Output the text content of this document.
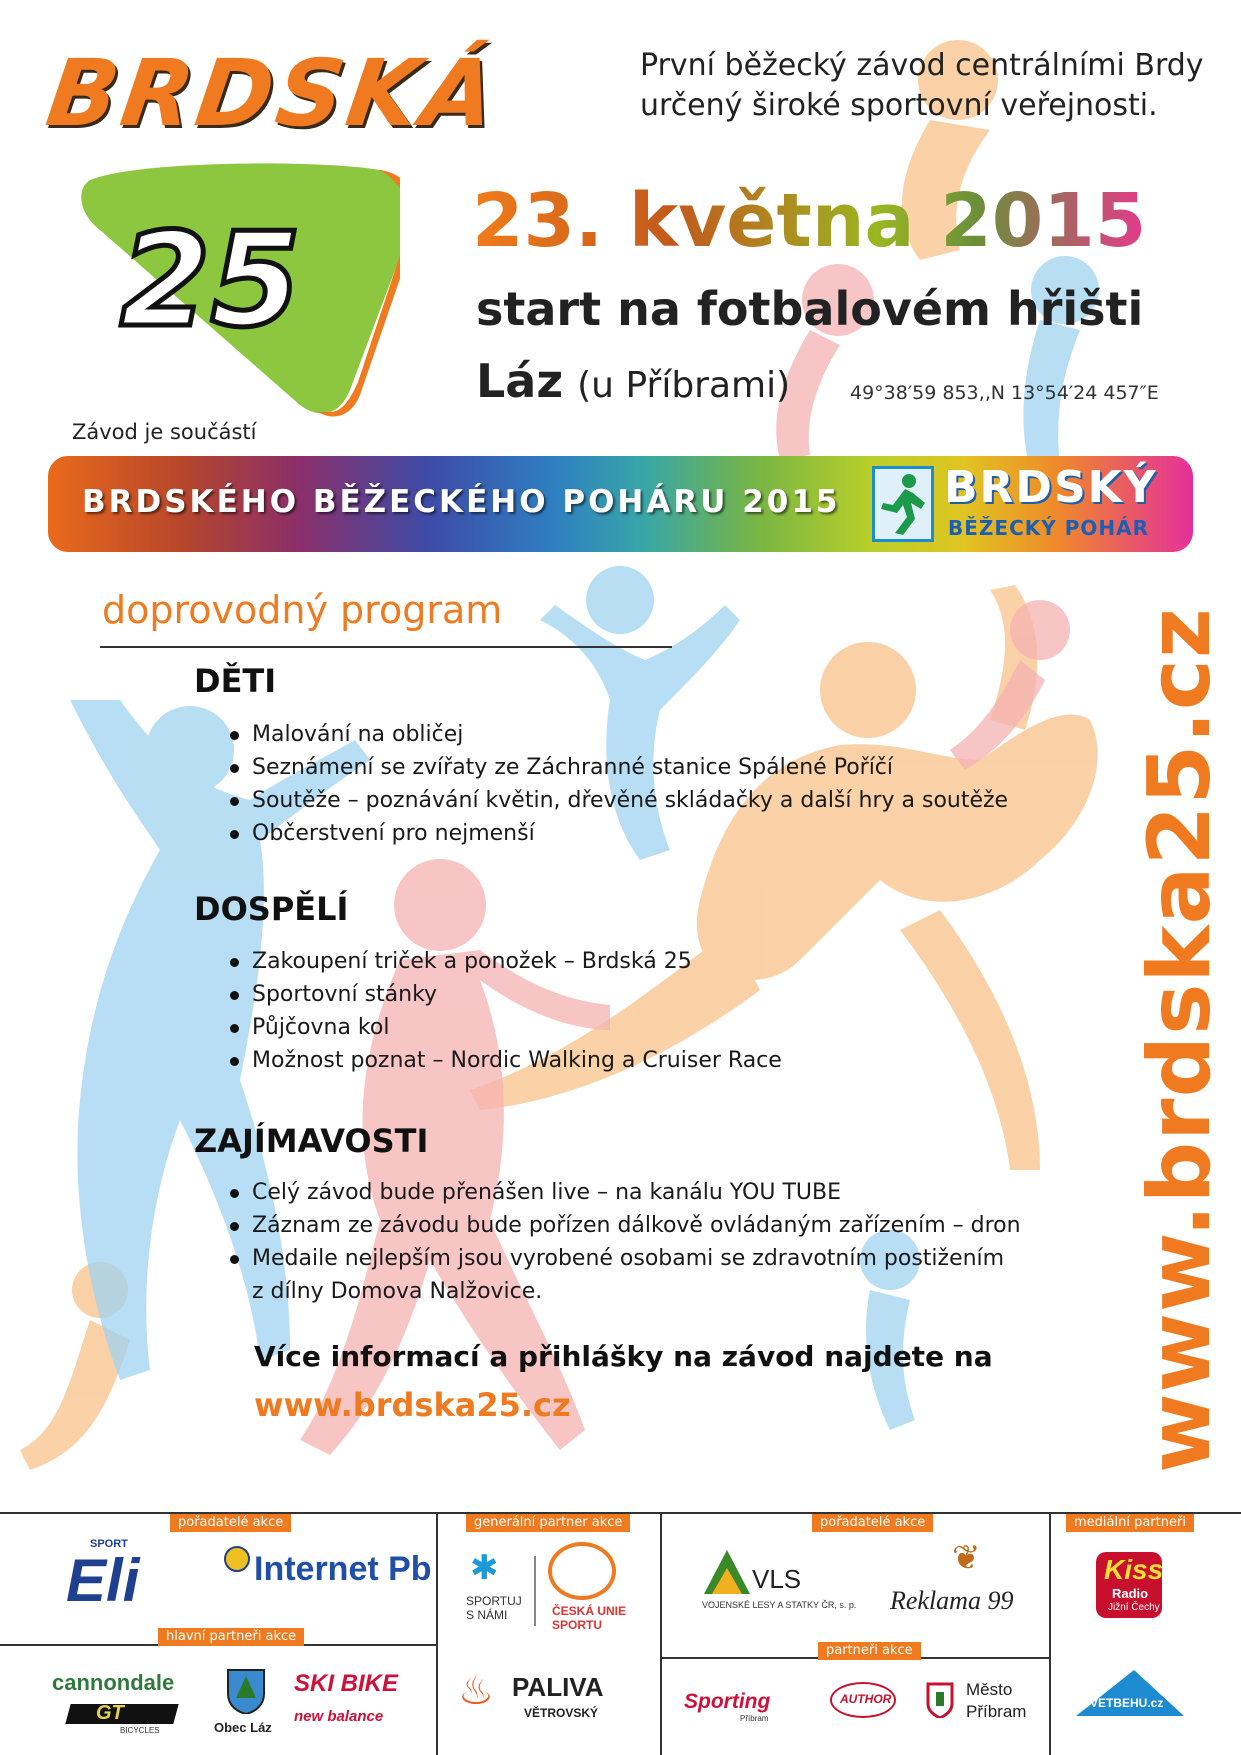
BRDSKÁ
25
První běžecký závod centrálními Brdy určený široké sportovní veřejnosti.
23. května 2015
start na fotbalovém hřišti
Láz (u Příbrami)	49°38′59 853‚‚N 13°54′24 457″E
Závod je součástí
BRDSKÉHO BĚŽECKÉHO POHÁRU 2015 BRDSKÝ
BĚŽECKÝ POHÁR
doprovodný program
DĚTI
Malování na obličej
Seznámení se zvířaty ze Záchranné stanice Spálené Poříčí
Soutěže – poznávání květin, dřevěné skládačky a další hry a soutěže
Občerstvení pro nejmenší
DOSPĚLÍ
Zakoupení triček a ponožek – Brdská 25
Sportovní stánky
Půjčovna kol
Možnost poznat – Nordic Walking a Cruiser Race
ZAJÍMAVOSTI
Celý závod bude přenášen live – na kanálu YOU TUBE
Záznam ze závodu bude pořízen dálkově ovládaným zařízením – dron
Medaile nejlepším jsou vyrobené osobami se zdravotním postižením
z dílny Domova Nalžovice.
Více informací a přihlášky na závod najdete na
www.brdska25.cz	www.brdska25.cz
pořadatelé akce	generální partner akce	pořadatelé akce	mediální partneři
hlavní partneři akce
partneři akce
SPORT
Eli	Internet Pb ✱
SPORTUJ S NÁMI	ČESKÁ UNIE SPORTU
VLS
VOJENSKÉ LESY A STATKY ČR, s. p.
❦
Reklama 99
Kiss
Radio
Jižní Čechy
cannondale
GT
BICYCLES	Obec Láz
SKI BIKE
new balance
♨ PALIVA
VĚTROVSKÝ	Sporting
Příbram
AUTHOR	Město
Příbram	SVETBEHU.cz
